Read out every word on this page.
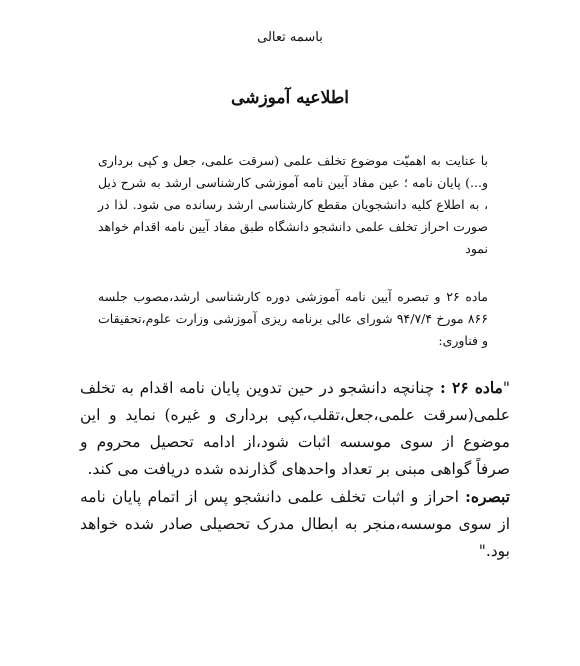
باسمه تعالی
اطلاعیه آموزشی
با عنایت به اهمیّت موضوع تخلف علمی (سرقت علمی، جعل و کپی برداری و...) پایان نامه ؛ عین مفاد آیین نامه آموزشی کارشناسی ارشد به شرح ذیل ، به اطلاع کلیه دانشجویان مقطع کارشناسی ارشد رسانده می شود. لذا در صورت احراز تخلف علمی دانشجو دانشگاه طبق مفاد آیین نامه اقدام خواهد نمود
ماده ۲۶ و تبصره آیین نامه آموزشی دوره کارشناسی ارشد،مصوب جلسه ۸۶۶ مورخ ۹۴/۷/۴ شورای عالی برنامه ریزی آموزشی وزارت علوم،تحقیقات و فناوری:
"ماده ۲۶ : چنانچه دانشجو در حین تدوین پایان نامه اقدام به تخلف علمی(سرقت علمی،جعل،تقلب،کپی برداری و غیره) نماید و این موضوع از سوی موسسه اثبات شود،از ادامه تحصیل محروم و صرفاً گواهی مبنی بر تعداد واحدهای گذارنده شده دریافت می کند.
تبصره: احراز و اثبات تخلف علمی دانشجو پس از اتمام پایان نامه از سوی موسسه،منجر به ابطال مدرک تحصیلی صادر شده خواهد بود."
